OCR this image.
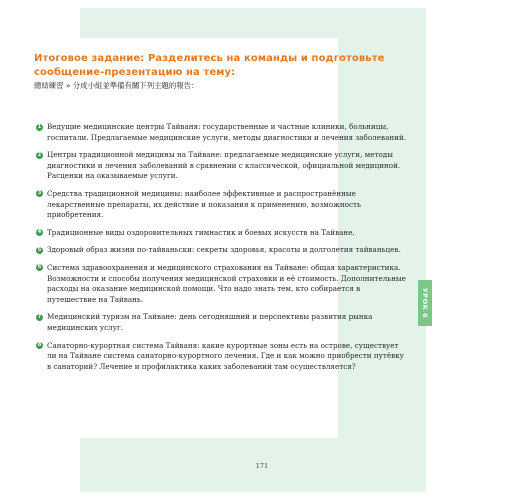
Итоговое задание: Разделитесь на команды и подготовьте сообщение-презентацию на тему:

總結練習 » 分成小組並準備有關下列主題的報告：

1 Ведущие медицинские центры Тайваня: государственные и частные клиники, больницы, госпитали. Предлагаемые медицинские услуги, методы диагностики и лечения заболеваний.
2 Центры традиционной медицины на Тайване: предлагаемые медицинские услуги, методы диагностики и лечения заболеваний в сравнении с классической, официальной медициной. Расценки на оказываемые услуги.
3 Средства традиционной медицины: наиболее эффективные и распространённые лекарственные препараты, их действие и показания к применению, возможность приобретения.
4 Традиционные виды оздоровительных гимнастик и боевых искусств на Тайване.
5 Здоровый образ жизни по-тайваньски: секреты здоровья, красоты и долголетия тайваньцев.
6 Система здравоохранения и медицинского страхования на Тайване: общая характеристика. Возможности и способы получения медицинской страховки и её стоимость. Дополнительные расходы на оказание медицинской помощи. Что надо знать тем, кто собирается в путешествие на Тайвань.
7 Медицинский туризм на Тайване: день сегодняшний и перспективы развития рынка медицинских услуг.
8 Санаторно-курортная система Тайваня: какие курортные зоны есть на острове, существует ли на Тайване система санаторно-курортного лечения. Где и как можно приобрести путёвку в санаторий? Лечение и профилактика каких заболеваний там осуществляется?
УРОК 6
171
